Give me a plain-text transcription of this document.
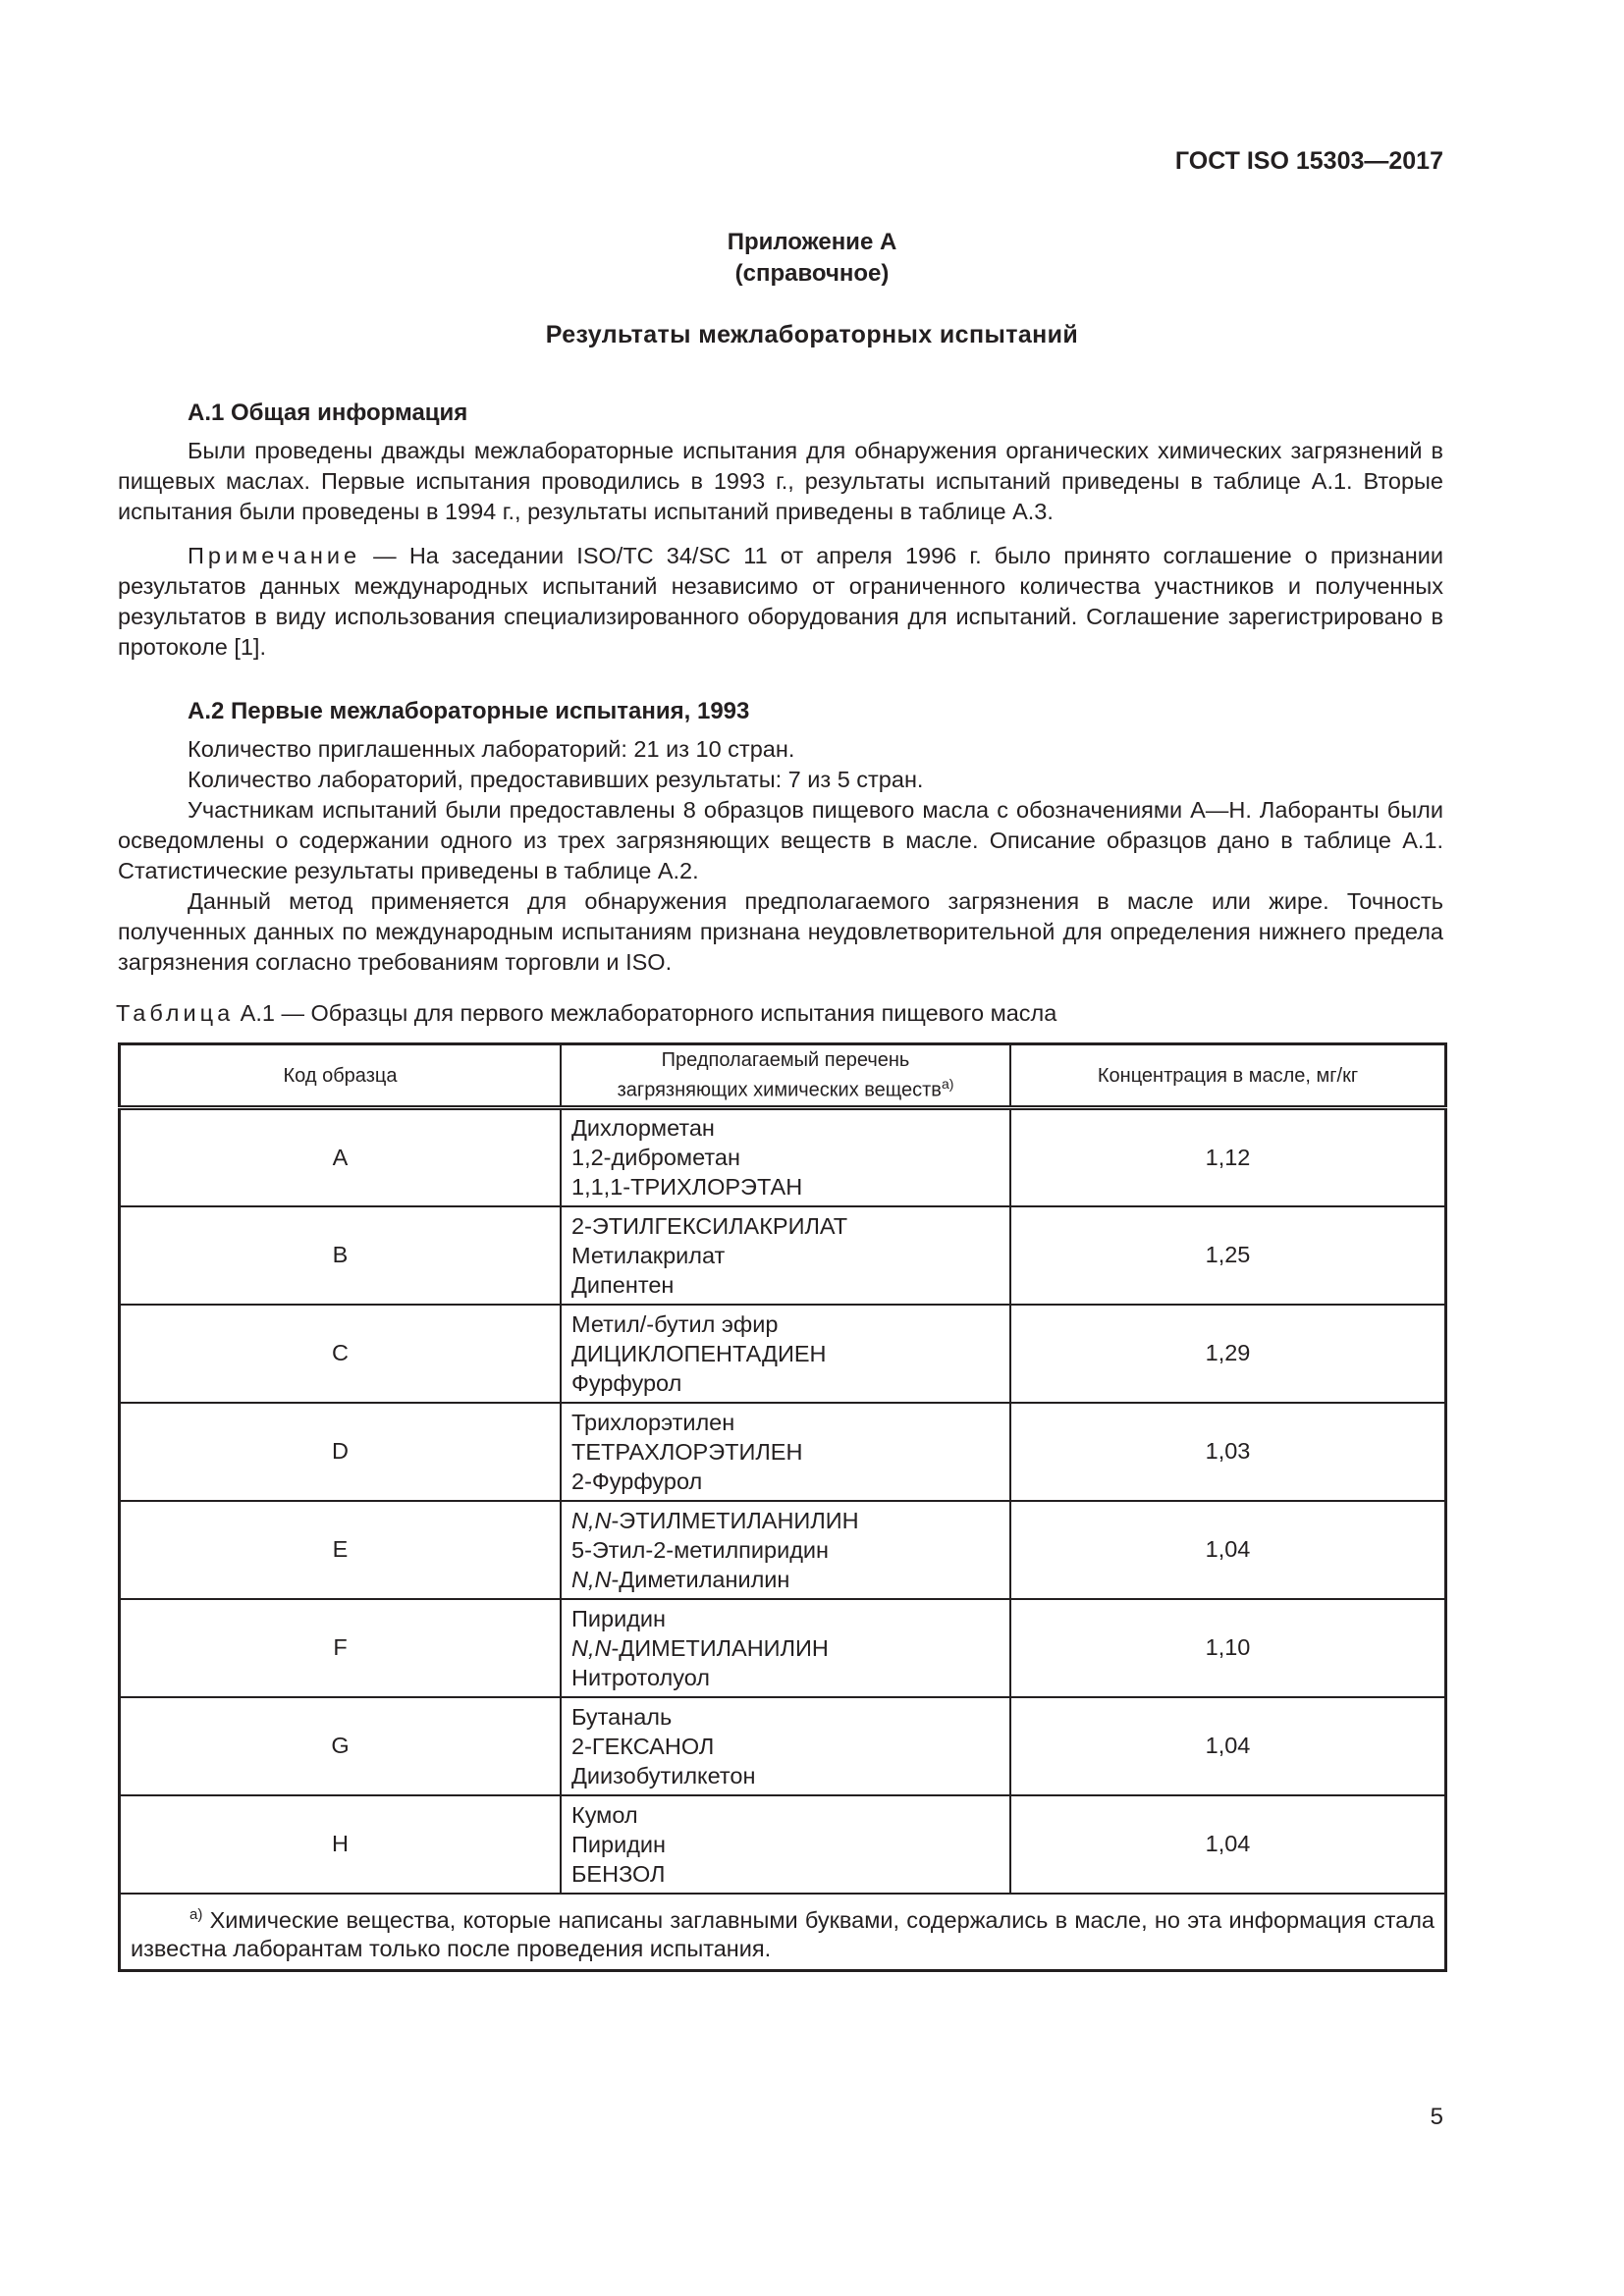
ГОСТ ISO 15303—2017
Приложение А
(справочное)
Результаты межлабораторных испытаний
А.1 Общая информация

Были проведены дважды межлабораторные испытания для обнаружения органических химических загрязнений в пищевых маслах. Первые испытания проводились в 1993 г., результаты испытаний приведены в таблице А.1. Вторые испытания были проведены в 1994 г., результаты испытаний приведены в таблице А.3.

Примечание — На заседании ISO/TC 34/SC 11 от апреля 1996 г. было принято соглашение о признании результатов данных международных испытаний независимо от ограниченного количества участников и полученных результатов в виду использования специализированного оборудования для испытаний. Соглашение зарегистрировано в протоколе [1].

А.2 Первые межлабораторные испытания, 1993

Количество приглашенных лабораторий: 21 из 10 стран.

Количество лабораторий, предоставивших результаты: 7 из 5 стран.

Участникам испытаний были предоставлены 8 образцов пищевого масла с обозначениями A—H. Лаборанты были осведомлены о содержании одного из трех загрязняющих веществ в масле. Описание образцов дано в таблице А.1. Статистические результаты приведены в таблице А.2.

Данный метод применяется для обнаружения предполагаемого загрязнения в масле или жире. Точность полученных данных по международным испытаниям признана неудовлетворительной для определения нижнего предела загрязнения согласно требованиям торговли и ISO.

Таблица А.1 — Образцы для первого межлабораторного испытания пищевого масла
Код образца	Предполагаемый перечень
загрязняющих химических веществ$^{a)}$	Концентрация в масле, мг/кг
A	Дихлорметан
1,2-диброметан
1,1,1-ТРИХЛОРЭТАН	1,12
B	2-ЭТИЛГЕКСИЛАКРИЛАТ
Метилакрилат
Дипентен	1,25
C	Метил/-бутил эфир
ДИЦИКЛОПЕНТАДИЕН
Фурфурол	1,29
D	Трихлорэтилен
ТЕТРАХЛОРЭТИЛЕН
2-Фурфурол	1,03
E	N,N-ЭТИЛМЕТИЛАНИЛИН
5-Этил-2-метилпиридин
N,N-Диметиланилин	1,04
F	Пиридин
N,N-ДИМЕТИЛАНИЛИН
Нитротолуол	1,10
G	Бутаналь
2-ГЕКСАНОЛ
Диизобутилкетон	1,04
H	Кумол
Пиридин
БЕНЗОЛ	1,04
$^{a)}$ Химические вещества, которые написаны заглавными буквами, содержались в масле, но эта информация стала известна лаборантам только после проведения испытания.		
5
